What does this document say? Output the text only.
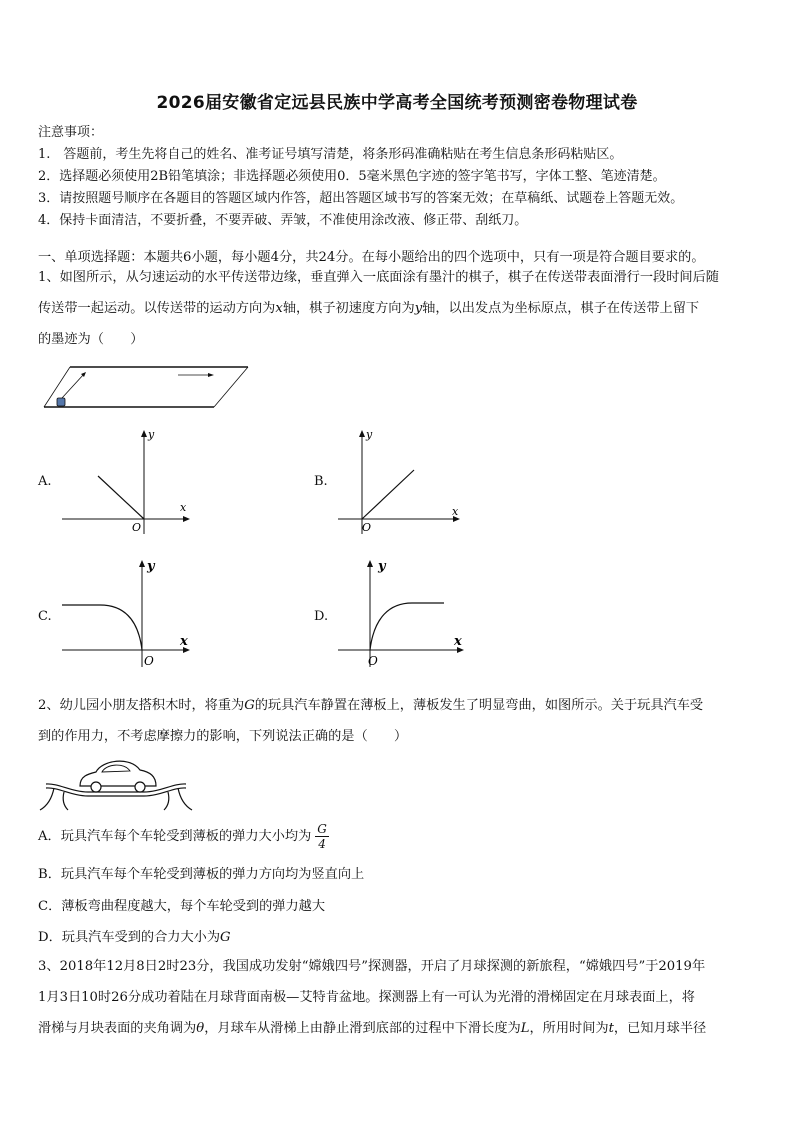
2026届安徽省定远县民族中学高考全国统考预测密卷物理试卷
注意事项：
1.　答题前，考生先将自己的姓名、准考证号填写清楚，将条形码准确粘贴在考生信息条形码粘贴区。
2．选择题必须使用2B铅笔填涂；非选择题必须使用0．5毫米黑色字迹的签字笔书写，字体工整、笔迹清楚。
3．请按照题号顺序在各题目的答题区域内作答，超出答题区域书写的答案无效；在草稿纸、试题卷上答题无效。
4．保持卡面清洁，不要折叠，不要弄破、弄皱，不准使用涂改液、修正带、刮纸刀。
一、单项选择题：本题共6小题，每小题4分，共24分。在每小题给出的四个选项中，只有一项是符合题目要求的。

1、如图所示，从匀速运动的水平传送带边缘，垂直弹入一底面涂有墨汁的棋子，棋子在传送带表面滑行一段时间后随

传送带一起运动。以传送带的运动方向为x轴，棋子初速度方向为y轴，以出发点为坐标原点，棋子在传送带上留下

的墨迹为（　　）

A.
y
x
O
B.
y
x
O
C.
y
x
O
D.
y
x
O

2、幼儿园小朋友搭积木时，将重为G的玩具汽车静置在薄板上，薄板发生了明显弯曲，如图所示。关于玩具汽车受

到的作用力，不考虑摩擦力的影响，下列说法正确的是（　　）

A．玩具汽车每个车轮受到薄板的弹力大小均为 $\frac{G}{4}$
B．玩具汽车每个车轮受到薄板的弹力方向均为竖直向上
C．薄板弯曲程度越大，每个车轮受到的弹力越大
D．玩具汽车受到的合力大小为G

3、2018年12月8日2时23分，我国成功发射“嫦娥四号”探测器，开启了月球探测的新旅程，“嫦娥四号”于2019年

1月3日10时26分成功着陆在月球背面南极—艾特肯盆地。探测器上有一可认为光滑的滑梯固定在月球表面上，将

滑梯与月块表面的夹角调为θ，月球车从滑梯上由静止滑到底部的过程中下滑长度为L，所用时间为t，已知月球半径
